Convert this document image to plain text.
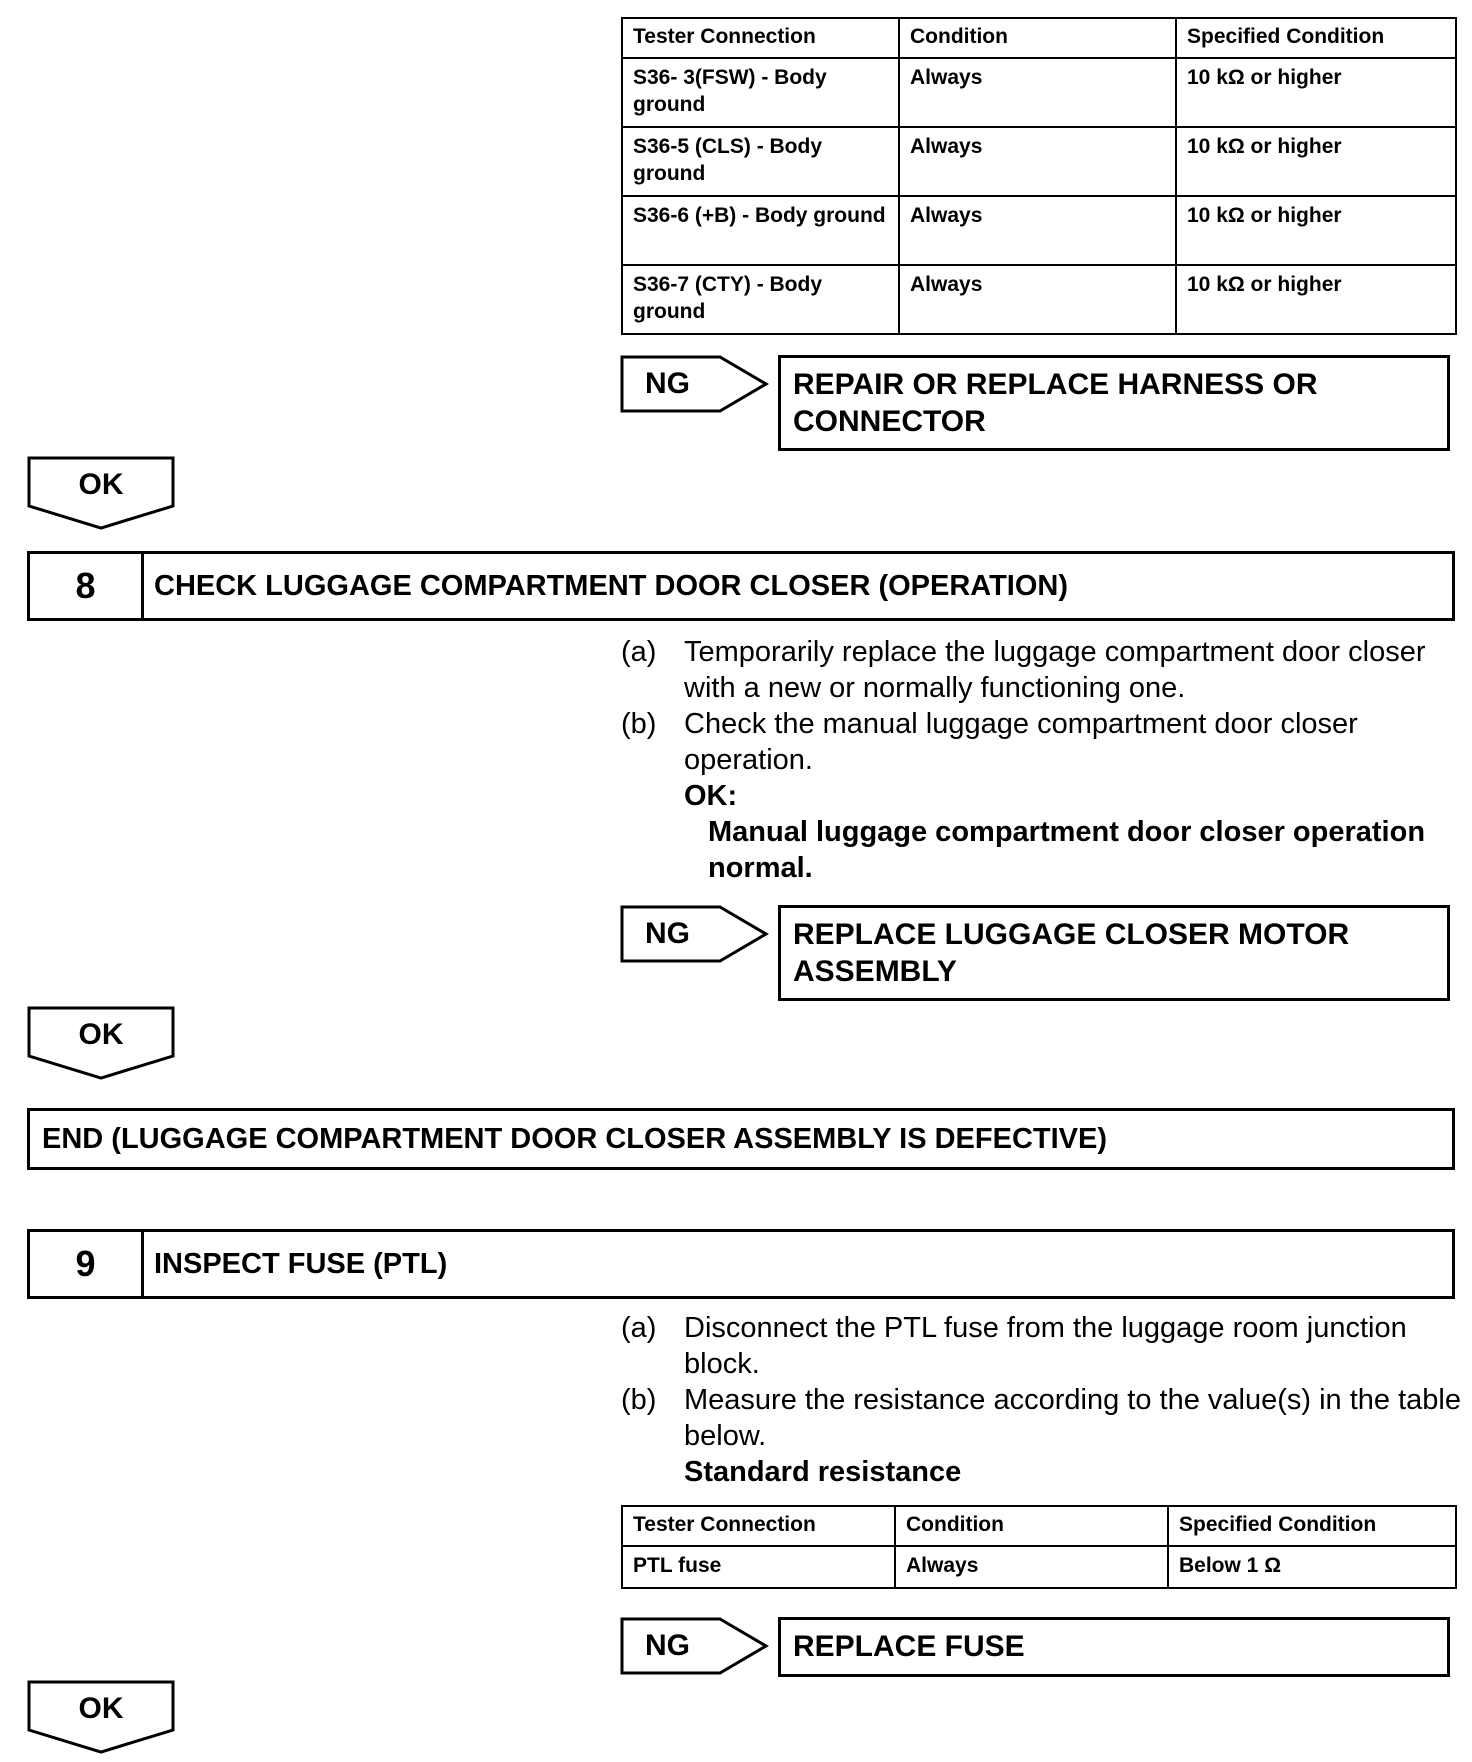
Tester Connection	Condition	Specified Condition
S36- 3(FSW) - Body ground	Always	10 kΩ or higher
S36-5 (CLS) - Body ground	Always	10 kΩ or higher
S36-6 (+B) - Body ground	Always	10 kΩ or higher
S36-7 (CTY) - Body ground	Always	10 kΩ or higher
NG	REPAIR OR REPLACE HARNESS OR CONNECTOR
OK
8	CHECK LUGGAGE COMPARTMENT DOOR CLOSER (OPERATION)
(a) Temporarily replace the luggage compartment door closer with a new or normally functioning one.
(b) Check the manual luggage compartment door closer operation.
OK:
Manual luggage compartment door closer operation normal.
NG	REPLACE LUGGAGE CLOSER MOTOR ASSEMBLY
OK
END (LUGGAGE COMPARTMENT DOOR CLOSER ASSEMBLY IS DEFECTIVE)
9	INSPECT FUSE (PTL)
(a) Disconnect the PTL fuse from the luggage room junction block.
(b) Measure the resistance according to the value(s) in the table below.
Standard resistance
Tester Connection	Condition	Specified Condition
PTL fuse	Always	Below 1 Ω
NG	REPLACE FUSE
OK
